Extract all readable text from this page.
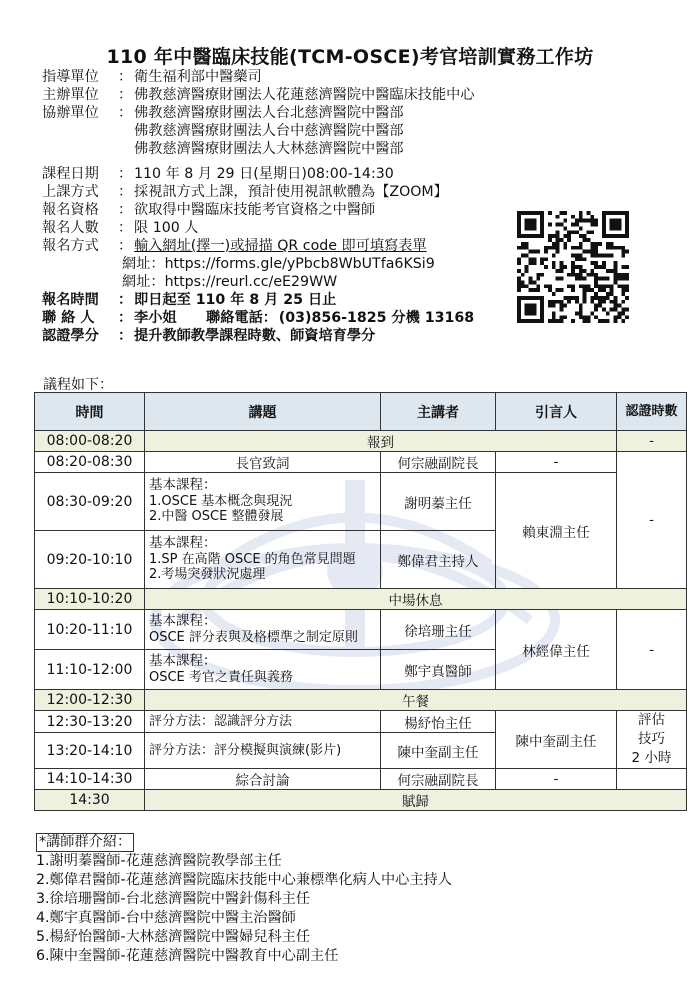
110 年中醫臨床技能(TCM-OSCE)考官培訓實務工作坊
指導單位	： 衛生福利部中醫藥司
主辦單位	： 佛教慈濟醫療財團法人花蓮慈濟醫院中醫臨床技能中心
協辦單位	： 佛教慈濟醫療財團法人台北慈濟醫院中醫部
佛教慈濟醫療財團法人台中慈濟醫院中醫部
佛教慈濟醫療財團法人大林慈濟醫院中醫部
課程日期	： 110 年 8 月 29 日(星期日)08:00-14:30
上課方式	： 採視訊方式上課，預計使用視訊軟體為【ZOOM】
報名資格	： 欲取得中醫臨床技能考官資格之中醫師
報名人數	： 限 100 人
報名方式	： 輸入網址(擇一)或掃描 QR code 即可填寫表單
網址：https://forms.gle/yPbcb8WbUTfa6KSi9
網址：https://reurl.cc/eE29WW
報名時間	： 即日起至 110 年 8 月 25 日止
聯 絡 人	： 李小姐	聯絡電話 ： (03)856-1825 分機 13168
認證學分	： 提升教師教學課程時數、師資培育學分
議程如下：
時間	講題	主講者	引言人	認證時數
08:00-08:20	報到			-
08:20-08:30	長官致詞	何宗融副院長	-	-
08:30-09:20	基本課程：
1.OSCE 基本概念與現況
2.中醫 OSCE 整體發展	謝明蓁主任	賴東淵主任	
09:20-10:10	基本課程：
1.SP 在高階 OSCE 的角色常見問題
2.考場突發狀況處理	鄭偉君主持人		
10:10-10:20	中場休息			
10:20-11:10	基本課程：
OSCE 評分表與及格標準之制定原則	徐培珊主任	林經偉主任	-
11:10-12:00	基本課程：
OSCE 考官之責任與義務	鄭宇真醫師		
12:00-12:30	午餐			
12:30-13:20	評分方法：認識評分方法	楊紓怡主任	陳中奎副主任	評估
技巧
2 小時

13:20-14:10	評分方法：評分模擬與演練(影片)	陳中奎副主任		
14:10-14:30	綜合討論	何宗融副院長	-	
14:30	賦歸			
*講師群介紹：
1.謝明蓁醫師-花蓮慈濟醫院教學部主任
2.鄭偉君醫師-花蓮慈濟醫院臨床技能中心兼標準化病人中心主持人
3.徐培珊醫師-台北慈濟醫院中醫針傷科主任
4.鄭宇真醫師-台中慈濟醫院中醫主治醫師
5.楊紓怡醫師-大林慈濟醫院中醫婦兒科主任
6.陳中奎醫師-花蓮慈濟醫院中醫教育中心副主任
